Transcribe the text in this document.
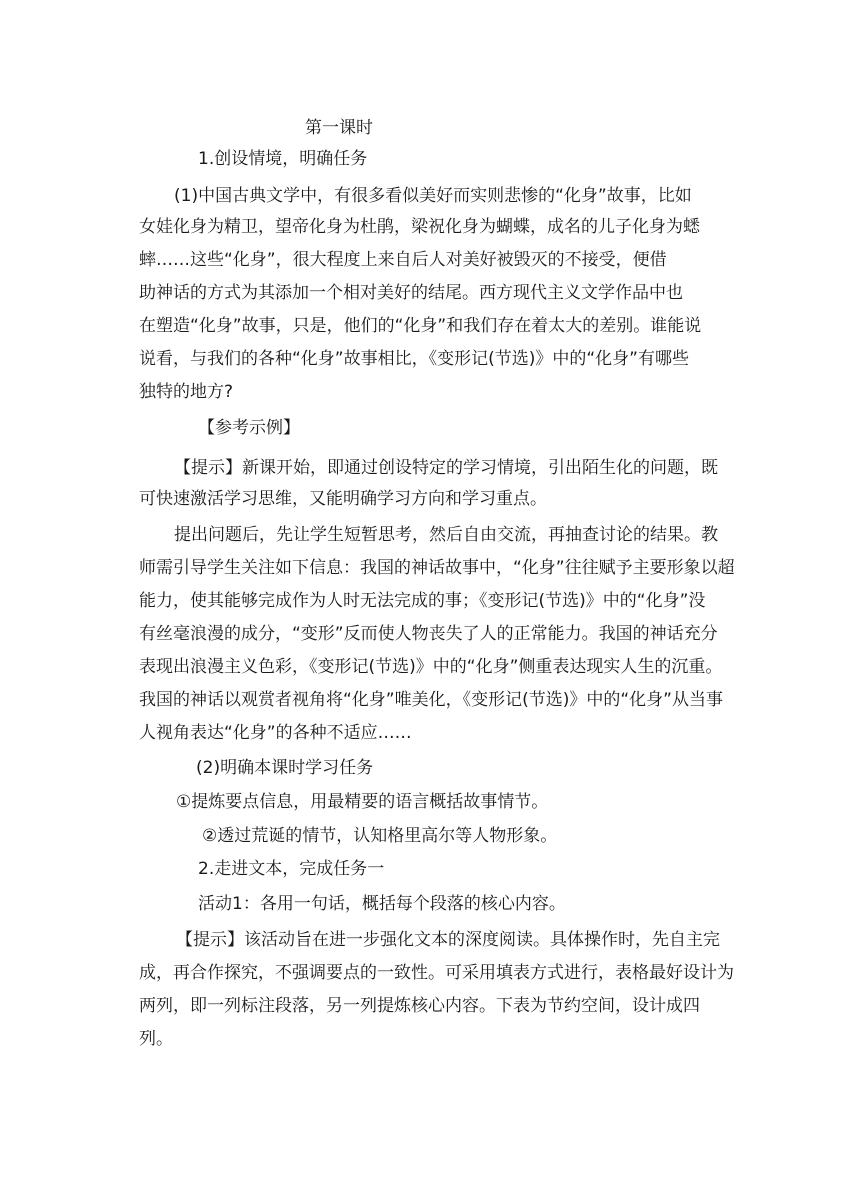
第一课时

1.创设情境，明确任务

(1)中国古典文学中，有很多看似美好而实则悲惨的“化身”故事，比如

女娃化身为精卫，望帝化身为杜鹃，梁祝化身为蝴蝶，成名的儿子化身为蟋

蟀……这些“化身”，很大程度上来自后人对美好被毁灭的不接受，便借

助神话的方式为其添加一个相对美好的结尾。西方现代主义文学作品中也

在塑造“化身”故事，只是，他们的“化身”和我们存在着太大的差别。谁能说

说看，与我们的各种“化身”故事相比，《变形记(节选)》中的“化身”有哪些

独特的地方?

【参考示例】

【提示】新课开始，即通过创设特定的学习情境，引出陌生化的问题，既

可快速激活学习思维，又能明确学习方向和学习重点。

提出问题后，先让学生短暂思考，然后自由交流，再抽查讨论的结果。教

师需引导学生关注如下信息：我国的神话故事中，“化身”往往赋予主要形象以超

能力，使其能够完成作为人时无法完成的事；《变形记(节选)》中的“化身”没

有丝毫浪漫的成分，“变形”反而使人物丧失了人的正常能力。我国的神话充分

表现出浪漫主义色彩，《变形记(节选)》中的“化身”侧重表达现实人生的沉重。

我国的神话以观赏者视角将“化身”唯美化，《变形记(节选)》中的“化身”从当事

人视角表达“化身”的各种不适应……

(2)明确本课时学习任务

①提炼要点信息，用最精要的语言概括故事情节。

②透过荒诞的情节，认知格里高尔等人物形象。

2.走进文本，完成任务一

活动1：各用一句话，概括每个段落的核心内容。

【提示】该活动旨在进一步强化文本的深度阅读。具体操作时，先自主完

成，再合作探究，不强调要点的一致性。可采用填表方式进行，表格最好设计为

两列，即一列标注段落，另一列提炼核心内容。下表为节约空间，设计成四

列。
